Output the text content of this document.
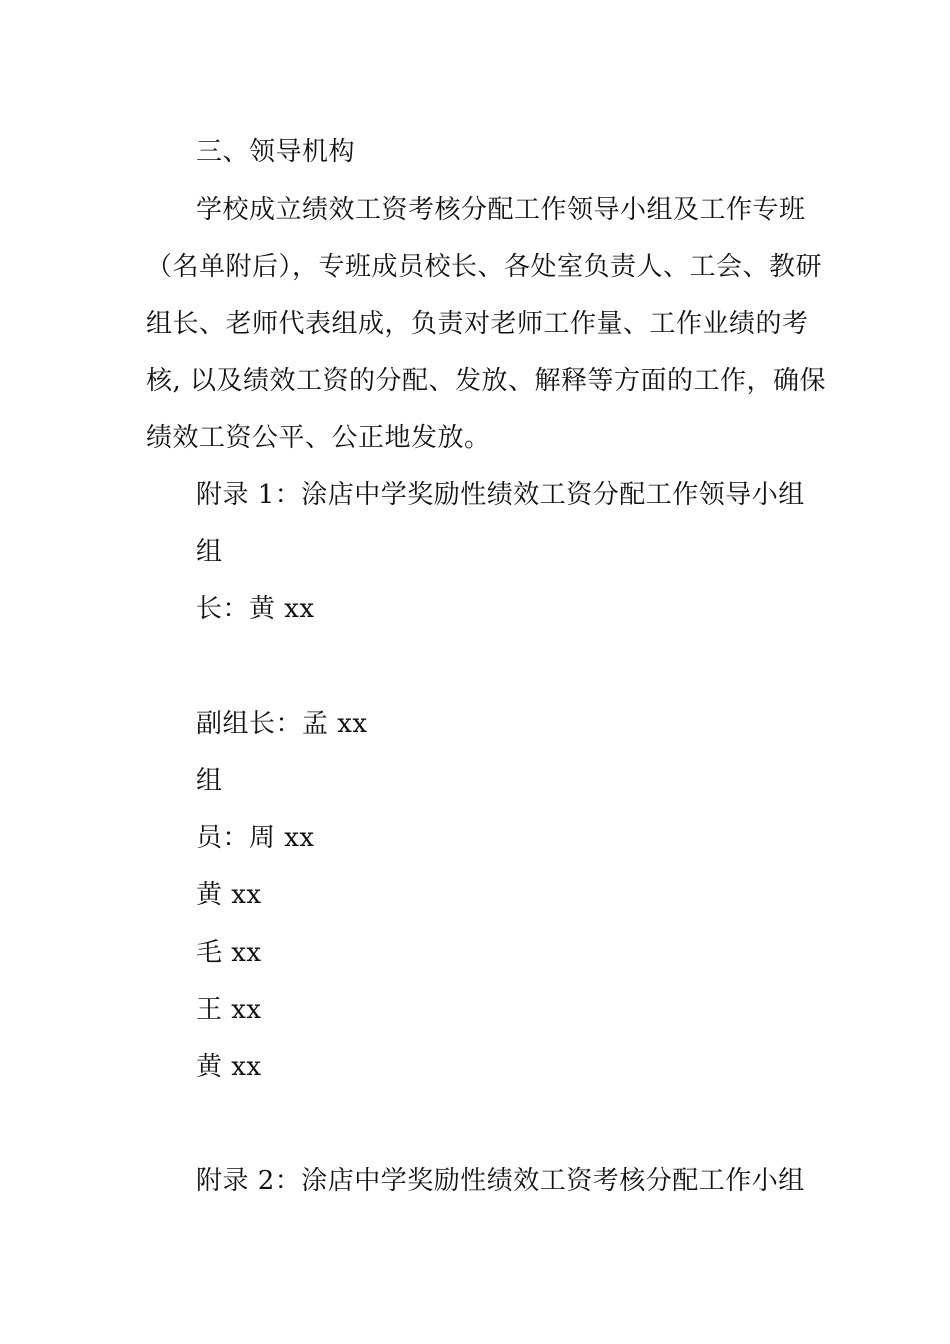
三、领导机构
学校成立绩效工资考核分配工作领导小组及工作专班
（名单附后），专班成员校长、各处室负责人、工会、教研
组长、老师代表组成，负责对老师工作量、工作业绩的考
核, 以及绩效工资的分配、发放、解释等方面的工作，确保
绩效工资公平、公正地发放。
附录 1：涂店中学奖励性绩效工资分配工作领导小组
组
长：黄 xx
副组长：孟 xx
组
员：周 xx
黄 xx
毛 xx
王 xx
黄 xx
附录 2：涂店中学奖励性绩效工资考核分配工作小组
